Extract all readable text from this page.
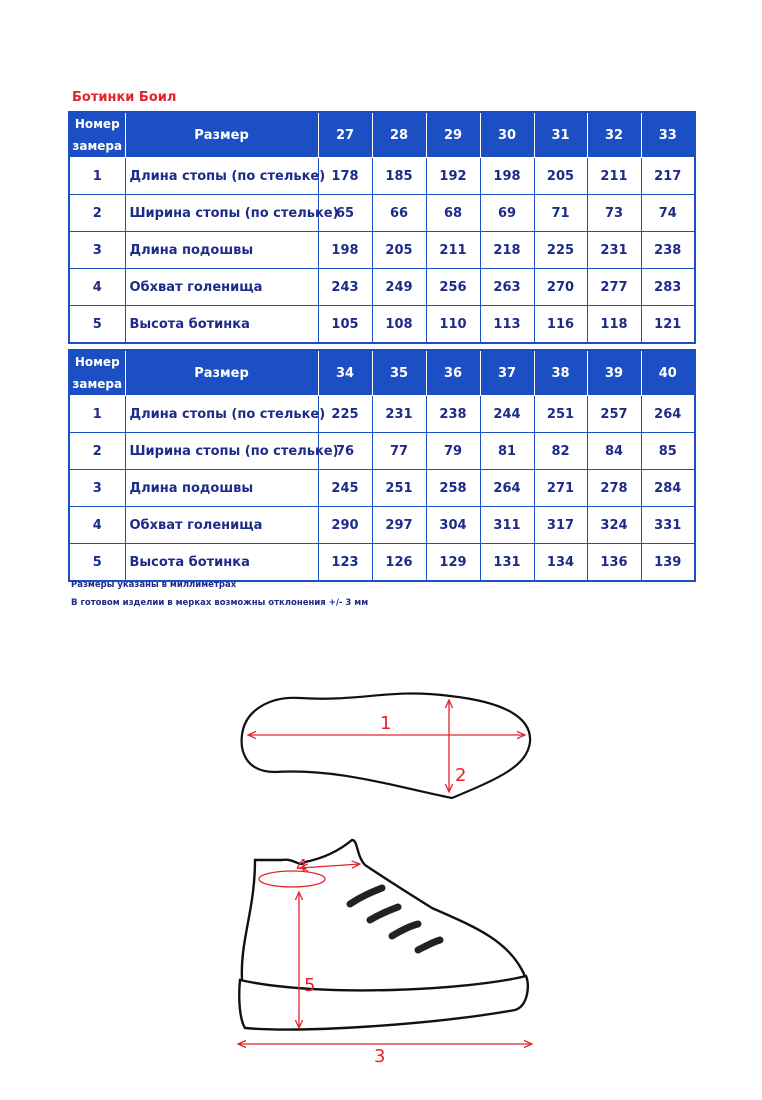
Ботинки Боил
Номер
замера	Размер	27	28	29	30	31	32	33
1	Длина стопы (по стельке)	178	185	192	198	205	211	217
2	Ширина стопы (по стельке)	65	66	68	69	71	73	74
3	Длина подошвы	198	205	211	218	225	231	238
4	Обхват голенища	243	249	256	263	270	277	283
5	Высота ботинка	105	108	110	113	116	118	121
Номер
замера	Размер	34	35	36	37	38	39	40
1	Длина стопы (по стельке)	225	231	238	244	251	257	264
2	Ширина стопы (по стельке)	76	77	79	81	82	84	85
3	Длина подошвы	245	251	258	264	271	278	284
4	Обхват голенища	290	297	304	311	317	324	331
5	Высота ботинка	123	126	129	131	134	136	139
Размеры указаны в миллиметрах
В готовом изделии в мерках возможны отклонения +/- 3 мм
1
2
4
5
3
